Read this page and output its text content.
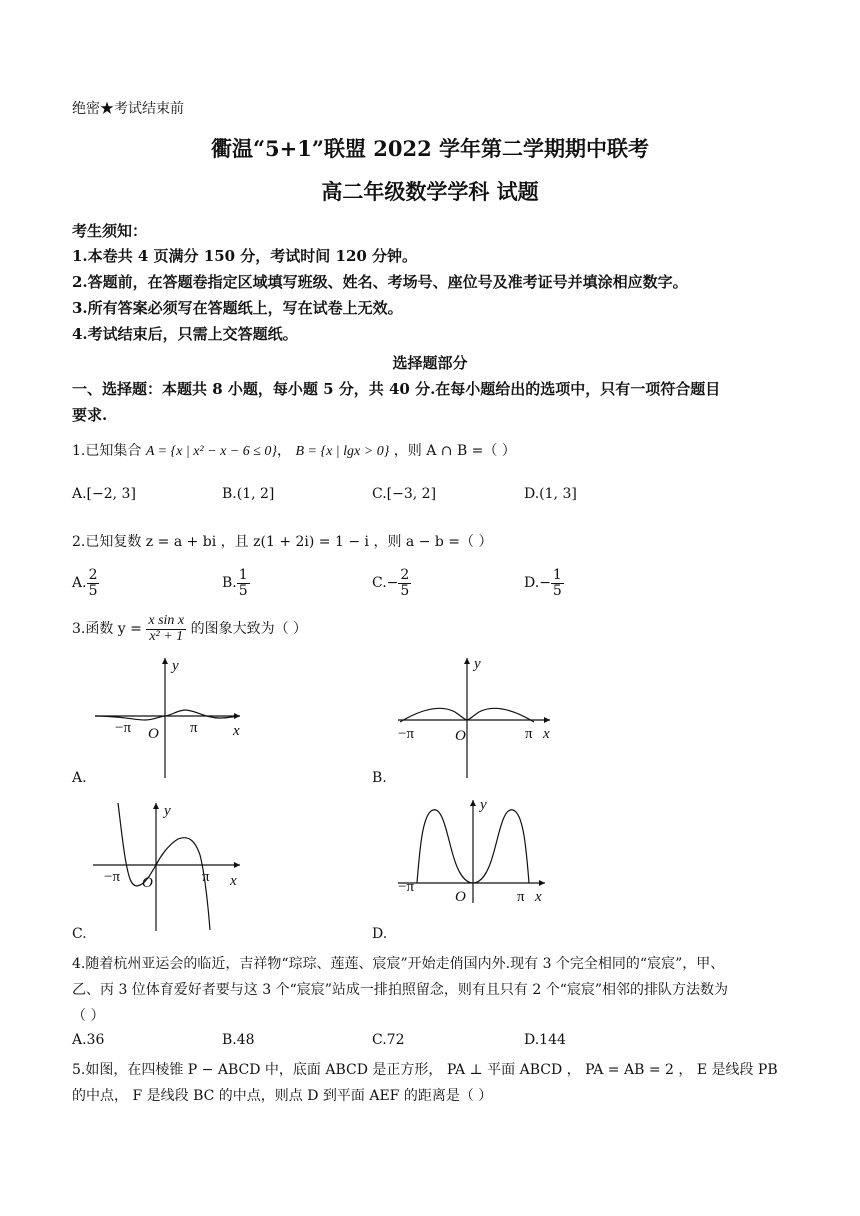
绝密★考试结束前
衢温“5+1”联盟 2022 学年第二学期期中联考
高二年级数学学科 试题
考生须知：
1.本卷共 4 页满分 150 分，考试时间 120 分钟。
2.答题前，在答题卷指定区域填写班级、姓名、考场号、座位号及准考证号并填涂相应数字。
3.所有答案必须写在答题纸上，写在试卷上无效。
4.考试结束后，只需上交答题纸。
选择题部分
一、选择题：本题共 8 小题，每小题 5 分，共 40 分.在每小题给出的选项中，只有一项符合题目
要求.
1.已知集合 A = {x | x² − x − 6 ≤ 0}， B = {x | lgx > 0} ，则 A ∩ B =（ ）
A.[−2, 3]	B.(1, 2]	C.[−3, 2]	D.(1, 3]
2.已知复数 z = a + bi ，且 z(1 + 2i) = 1 − i ，则 a − b =（ ）
A. $\frac{2}{5}$	B. $\frac{1}{5}$	$C.- \frac{2}{5}$	$D.- \frac{1}{5}$
3.函数 $y = \frac{\text{x sin x}}{\text{x² + 1}}$ 的图象大致为（ ）
y
x
O
−π	π
A.
y
x
O
−π	π
B.
y
x
O
−π	π
C.
y
x
O
−π
π
D.
4.随着杭州亚运会的临近，吉祥物“琮琮、莲莲、宸宸”开始走俏国内外.现有 3 个完全相同的“宸宸”，甲、
乙、丙 3 位体育爱好者要与这 3 个“宸宸”站成一排拍照留念，则有且只有 2 个“宸宸”相邻的排队方法数为
（ ）
A.36	B.48	C.72	D.144
5.如图，在四棱锥 P − ABCD 中，底面 ABCD 是正方形， PA ⊥ 平面 ABCD ， PA = AB = 2 ， E 是线段 PB
的中点， F 是线段 BC 的中点，则点 D 到平面 AEF 的距离是（ ）
